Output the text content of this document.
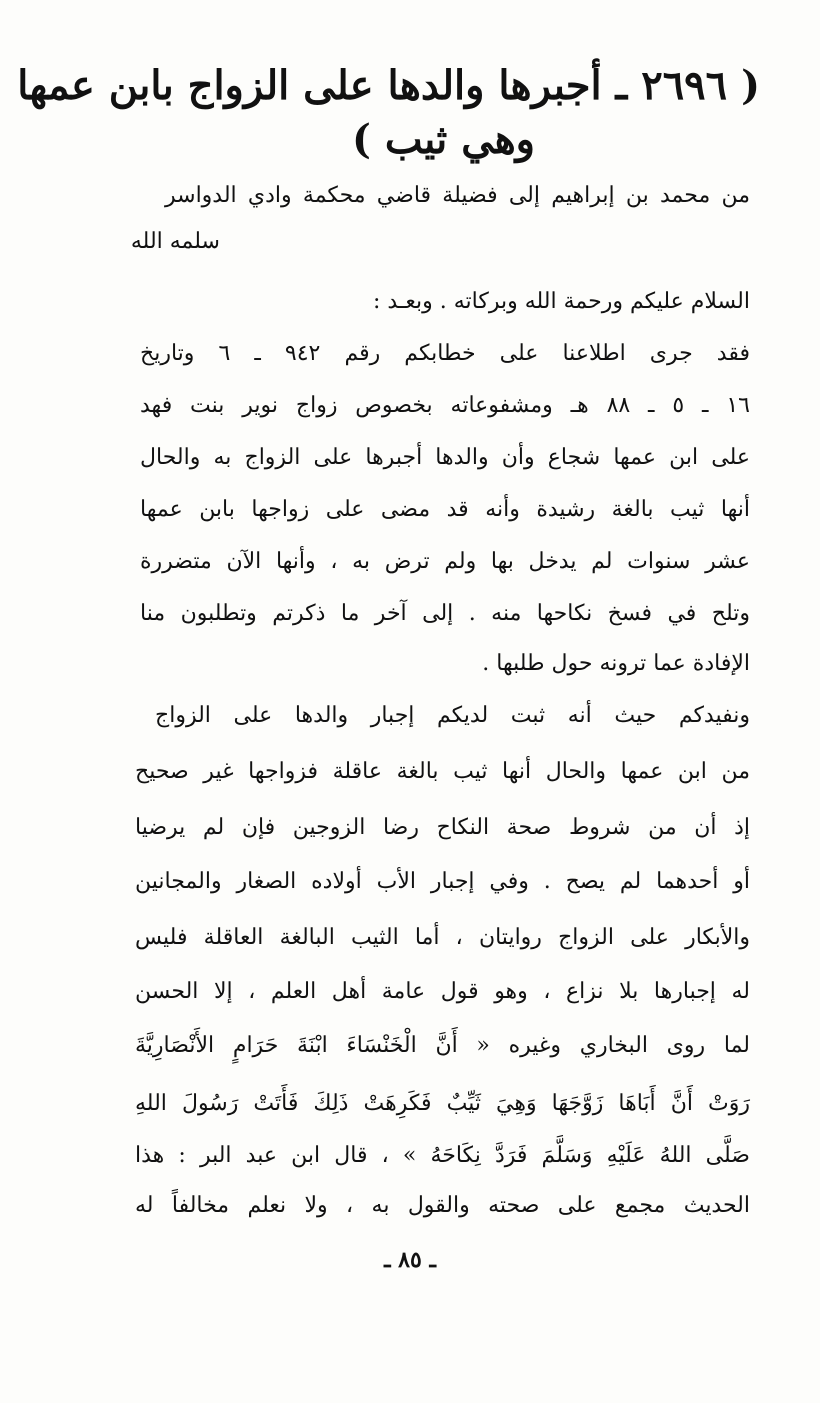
( ٢٦٩٦ ـ أجبرها والدها على الزواج بابن عمها
وهي ثيب )
من محمد بن إبراهيم إلى فضيلة قاضي محكمة وادي الدواسر
سلمه الله
السلام عليكم ورحمة الله وبركاته . وبعـد :
فقد جرى اطلاعنا على خطابكم رقم ٩٤٢ ـ ٦ وتاريخ
١٦ ـ ٥ ـ ٨٨ هـ ومشفوعاته بخصوص زواج نوير بنت فهد
على ابن عمها شجاع وأن والدها أجبرها على الزواج به والحال
أنها ثيب بالغة رشيدة وأنه قد مضى على زواجها بابن عمها
عشر سنوات لم يدخل بها ولم ترض به ، وأنها الآن متضررة
وتلح في فسخ نكاحها منه . إلى آخر ما ذكرتم وتطلبون منا
الإفادة عما ترونه حول طلبها .
ونفيدكم حيث أنه ثبت لديكم إجبار والدها على الزواج
من ابن عمها والحال أنها ثيب بالغة عاقلة فزواجها غير صحيح
إذ أن من شروط صحة النكاح رضا الزوجين فإن لم يرضيا
أو أحدهما لم يصح . وفي إجبار الأب أولاده الصغار والمجانين
والأبكار على الزواج روايتان ، أما الثيب البالغة العاقلة فليس
له إجبارها بلا نزاع ، وهو قول عامة أهل العلم ، إلا الحسن
لما روى البخاري وغيره « أَنَّ الْخَنْسَاءَ ابْنَةَ حَرَامٍ الأَنْصَارِيَّةَ
رَوَتْ أَنَّ أَبَاهَا زَوَّجَهَا وَهِيَ ثَيِّبٌ فَكَرِهَتْ ذَلِكَ فَأَتَتْ رَسُولَ اللهِ
صَلَّى اللهُ عَلَيْهِ وَسَلَّمَ فَرَدَّ نِكَاحَهُ » ، قال ابن عبد البر : هذا
الحديث مجمع على صحته والقول به ، ولا نعلم مخالفاً له
ـ ٨٥ ـ
